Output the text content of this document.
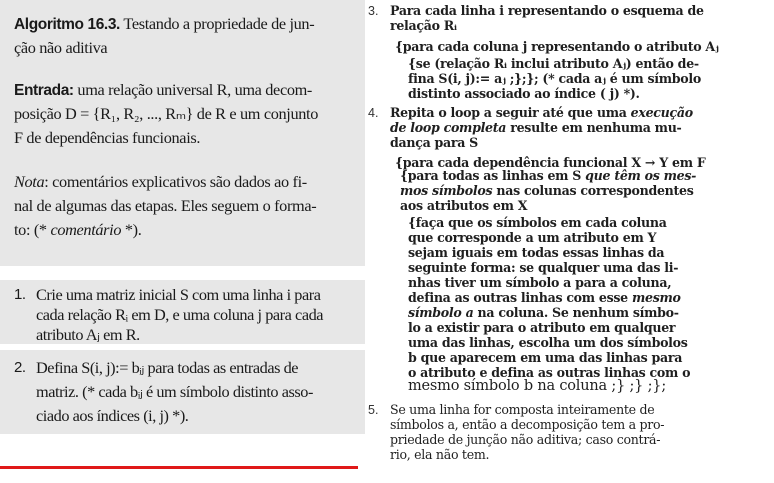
Algoritmo 16.3. Testando a propriedade de jun-
ção não aditiva
Entrada: uma relação universal R, uma decom-
posição D = {R₁, R₂, ..., Rₘ} de R e um conjunto
F de dependências funcionais.
Nota: comentários explicativos são dados ao fi-
nal de algumas das etapas. Eles seguem o forma-
to: (* comentário *).
1. Crie uma matriz inicial S com uma linha i para
cada relação Rᵢ em D, e uma coluna j para cada
atributo Aⱼ em R.
2. Defina S(i, j):= bᵢⱼ para todas as entradas de
matriz. (* cada bᵢⱼ é um símbolo distinto asso-
ciado aos índices (i, j) *).
3. Para cada linha i representando o esquema de
relação Rᵢ
{para cada coluna j representando o atributo Aⱼ
{se (relação Rᵢ inclui atributo Aⱼ) então de-
fina S(i, j):= aⱼ ;};}; (* cada aⱼ é um símbolo
distinto associado ao índice ( j) *).
4. Repita o loop a seguir até que uma execução
de loop completa resulte em nenhuma mu-
dança para S
{para cada dependência funcional X → Y em F
{para todas as linhas em S que têm os mes-
mos símbolos nas colunas correspondentes
aos atributos em X
{faça que os símbolos em cada coluna
que corresponde a um atributo em Y
sejam iguais em todas essas linhas da
seguinte forma: se qualquer uma das li-
nhas tiver um símbolo a para a coluna,
defina as outras linhas com esse mesmo
símbolo a na coluna. Se nenhum símbo-
lo a existir para o atributo em qualquer
uma das linhas, escolha um dos símbolos
b que aparecem em uma das linhas para
o atributo e defina as outras linhas com o
mesmo símbolo b na coluna ;} ;} ;};
5. Se uma linha for composta inteiramente de
símbolos a, então a decomposição tem a pro-
priedade de junção não aditiva; caso contrá-
rio, ela não tem.
